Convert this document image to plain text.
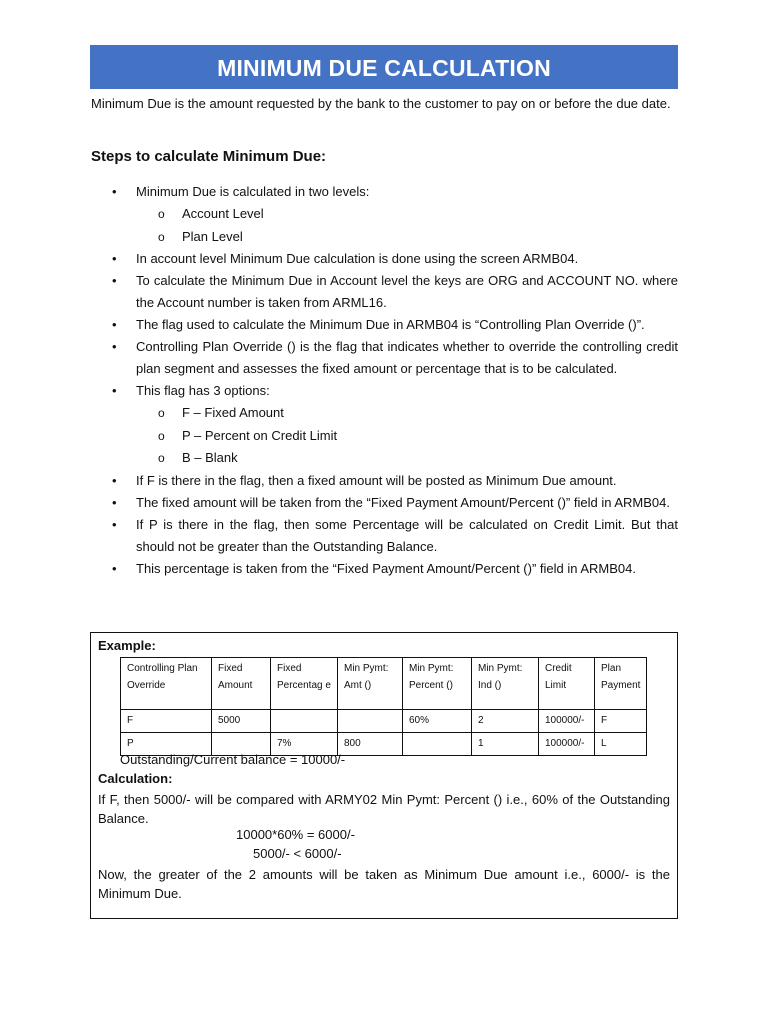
MINIMUM DUE CALCULATION
Minimum Due is the amount requested by the bank to the customer to pay on or before the due date.
Steps to calculate Minimum Due:
• Minimum Due is calculated in two levels:
o Account Level
o Plan Level
• In account level Minimum Due calculation is done using the screen ARMB04.
• To calculate the Minimum Due in Account level the keys are ORG and ACCOUNT NO. where the Account number is taken from ARML16.
• The flag used to calculate the Minimum Due in ARMB04 is “Controlling Plan Override ()”.
• Controlling Plan Override () is the flag that indicates whether to override the controlling credit plan segment and assesses the fixed amount or percentage that is to be calculated.
• This flag has 3 options:
o F – Fixed Amount
o P – Percent on Credit Limit
o B – Blank
• If F is there in the flag, then a fixed amount will be posted as Minimum Due amount.
• The fixed amount will be taken from the “Fixed Payment Amount/Percent ()” field in ARMB04.
• If P is there in the flag, then some Percentage will be calculated on Credit Limit. But that should not be greater than the Outstanding Balance.
• This percentage is taken from the “Fixed Payment Amount/Percent ()” field in ARMB04.
Example:
Controlling Plan Override	Fixed Amount	Fixed Percentag e	Min Pymt: Amt ()	Min Pymt: Percent ()	Min Pymt: Ind ()	Credit Limit	Plan Payment
F	5000			60%	2	100000/-	F
P		7%	800		1	100000/-	L
Outstanding/Current balance = 10000/-
Calculation:
If F, then 5000/- will be compared with ARMY02 Min Pymt: Percent () i.e., 60% of the Outstanding Balance.
10000*60% = 6000/-
5000/- < 6000/-
Now, the greater of the 2 amounts will be taken as Minimum Due amount i.e., 6000/- is the Minimum Due.
